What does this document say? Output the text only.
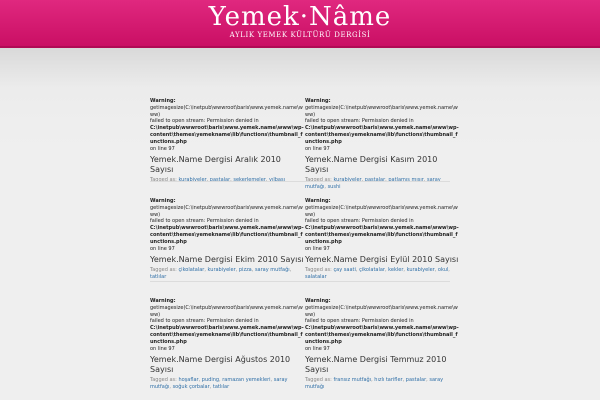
Yemek·Nâme
AYLIK YEMEK KÜLTÜRÜ DERGİSİ
Warning:
getimagesize(C:\inetpub\wwwroot\baris\www.yemek.name\www)
failed to open stream: Permission denied in
C:\inetpub\wwwroot\baris\www.yemek.name\www\wp-
content\themes\yemekname\lib\functions\thumbnail_functions.php
on line 97
Yemek.Name Dergisi Aralık 2010 Sayısı
Warning:
getimagesize(C:\inetpub\wwwroot\baris\www.yemek.name\www)
failed to open stream: Permission denied in
C:\inetpub\wwwroot\baris\www.yemek.name\www\wp-
content\themes\yemekname\lib\functions\thumbnail_functions.php
on line 97
Yemek.Name Dergisi Kasım 2010 Sayısı
mutfağı, sushi
Warning:
getimagesize(C:\inetpub\wwwroot\baris\www.yemek.name\www)
failed to open stream: Permission denied in
C:\inetpub\wwwroot\baris\www.yemek.name\www\wp-
content\themes\yemekname\lib\functions\thumbnail_functions.php
on line 97
Yemek.Name Dergisi Ekim 2010 Sayısı
Tagged as: çikolatalar, kurabiyeler, pizza, saray mutfağı, tatlılar
Warning:
getimagesize(C:\inetpub\wwwroot\baris\www.yemek.name\www)
failed to open stream: Permission denied in
C:\inetpub\wwwroot\baris\www.yemek.name\www\wp-
content\themes\yemekname\lib\functions\thumbnail_functions.php
on line 97
Yemek.Name Dergisi Eylül 2010 Sayısı
Tagged as: çay saati, çikolatalar, kekler, kurabiyeler, okul, salatalar
Warning:
getimagesize(C:\inetpub\wwwroot\baris\www.yemek.name\www)
failed to open stream: Permission denied in
C:\inetpub\wwwroot\baris\www.yemek.name\www\wp-
content\themes\yemekname\lib\functions\thumbnail_functions.php
on line 97
Yemek.Name Dergisi Ağustos 2010 Sayısı
Tagged as: hoşaflar, puding, ramazan yemekleri, saray mutfağı, soğuk çorbalar, tatlılar
Warning:
getimagesize(C:\inetpub\wwwroot\baris\www.yemek.name\www)
failed to open stream: Permission denied in
C:\inetpub\wwwroot\baris\www.yemek.name\www\wp-
content\themes\yemekname\lib\functions\thumbnail_functions.php
on line 97
Yemek.Name Dergisi Temmuz 2010 Sayısı
Tagged as: fransız mutfağı, hızlı tarifler, pastalar, saray mutfağı
